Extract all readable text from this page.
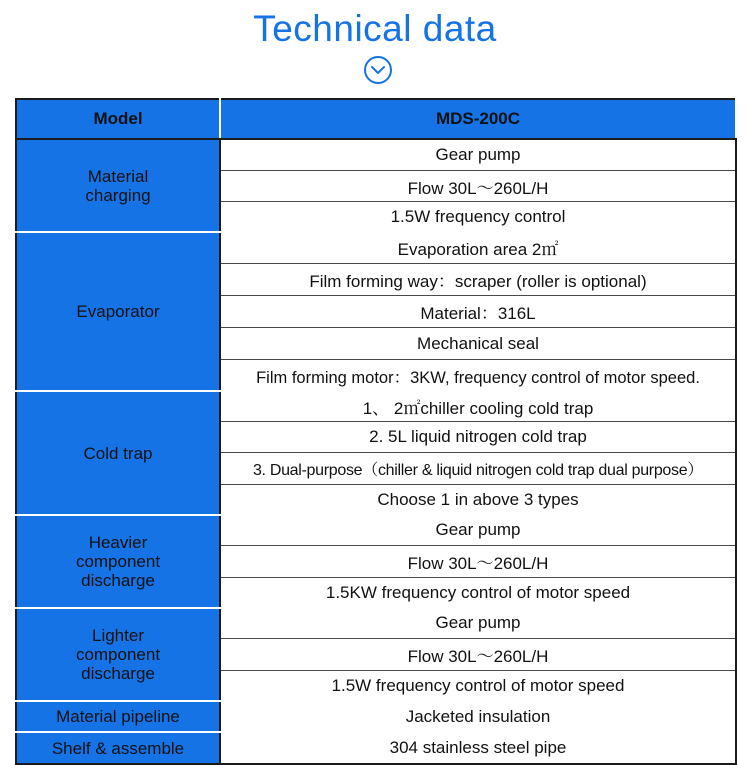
Technical data
Model	MDS-200C
Material charging	Gear pump
	Flow 30L～260L/H
	1.5W frequency control
Evaporator	Evaporation area 2㎡
	Film forming way：scraper (roller is optional)
	Material：316L
	Mechanical seal
	Film forming motor：3KW, frequency control of motor speed.
Cold trap	1、 2㎡chiller cooling cold trap
	2. 5L liquid nitrogen cold trap
	3. Dual-purpose（chiller & liquid nitrogen cold trap dual purpose）
	Choose 1 in above 3 types
Heavier component discharge	Gear pump
	Flow 30L～260L/H
	1.5KW frequency control of motor speed
Lighter component discharge	Gear pump
	Flow 30L～260L/H
	1.5W frequency control of motor speed
Material pipeline	Jacketed insulation
Shelf & assemble	304 stainless steel pipe
